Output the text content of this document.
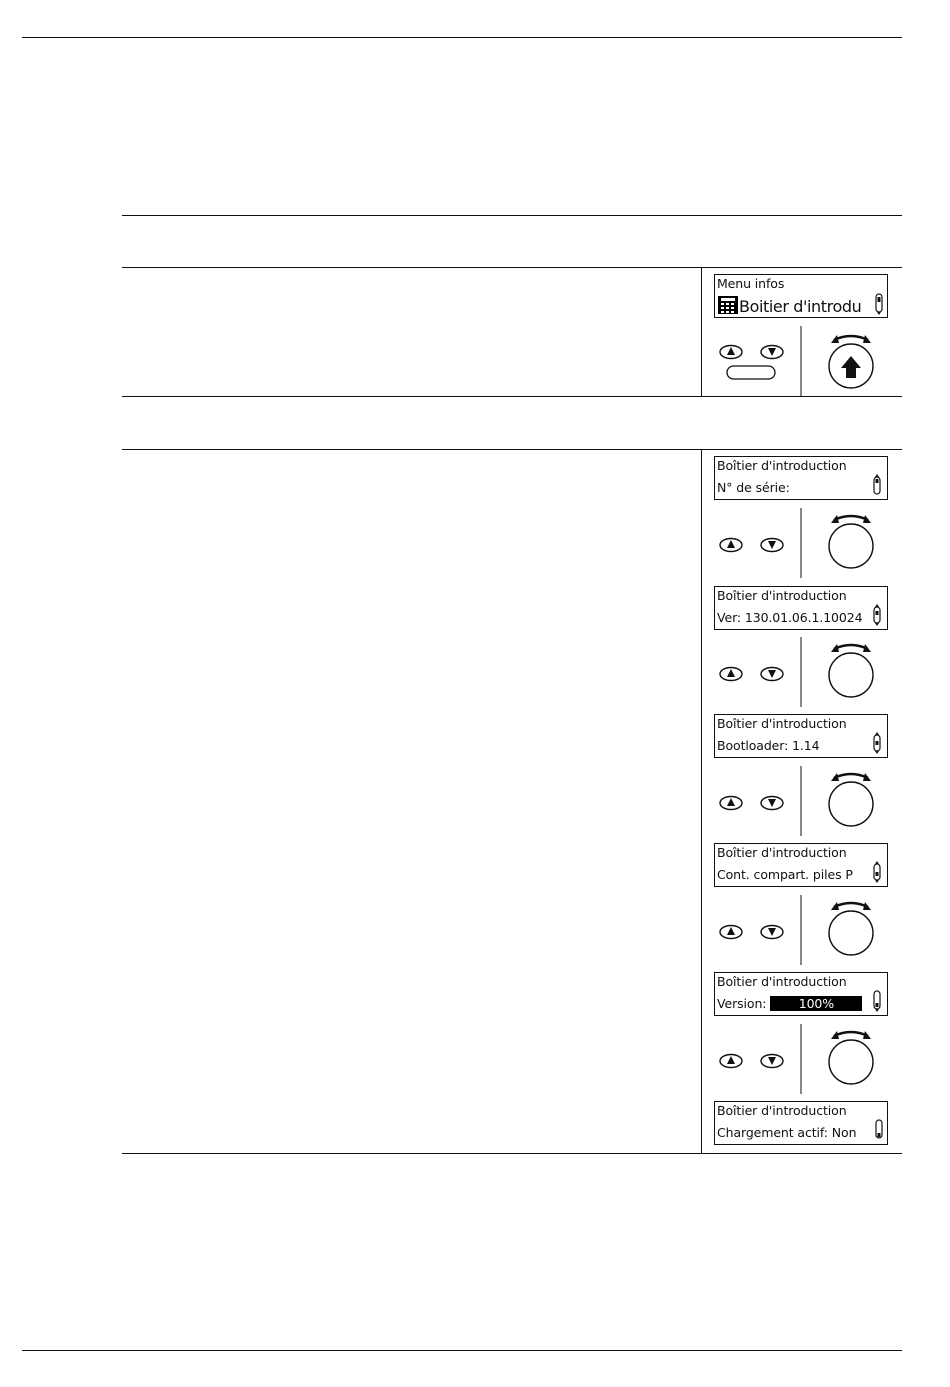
Menu infos
Boitier d'introdu
Boîtier d'introduction
N° de série:
Boîtier d'introduction
Ver: 130.01.06.1.10024
Boîtier d'introduction
Bootloader: 1.14
Boîtier d'introduction
Cont. compart. piles P
Boîtier d'introduction
Version:	100%
Boîtier d'introduction
Chargement actif: Non
